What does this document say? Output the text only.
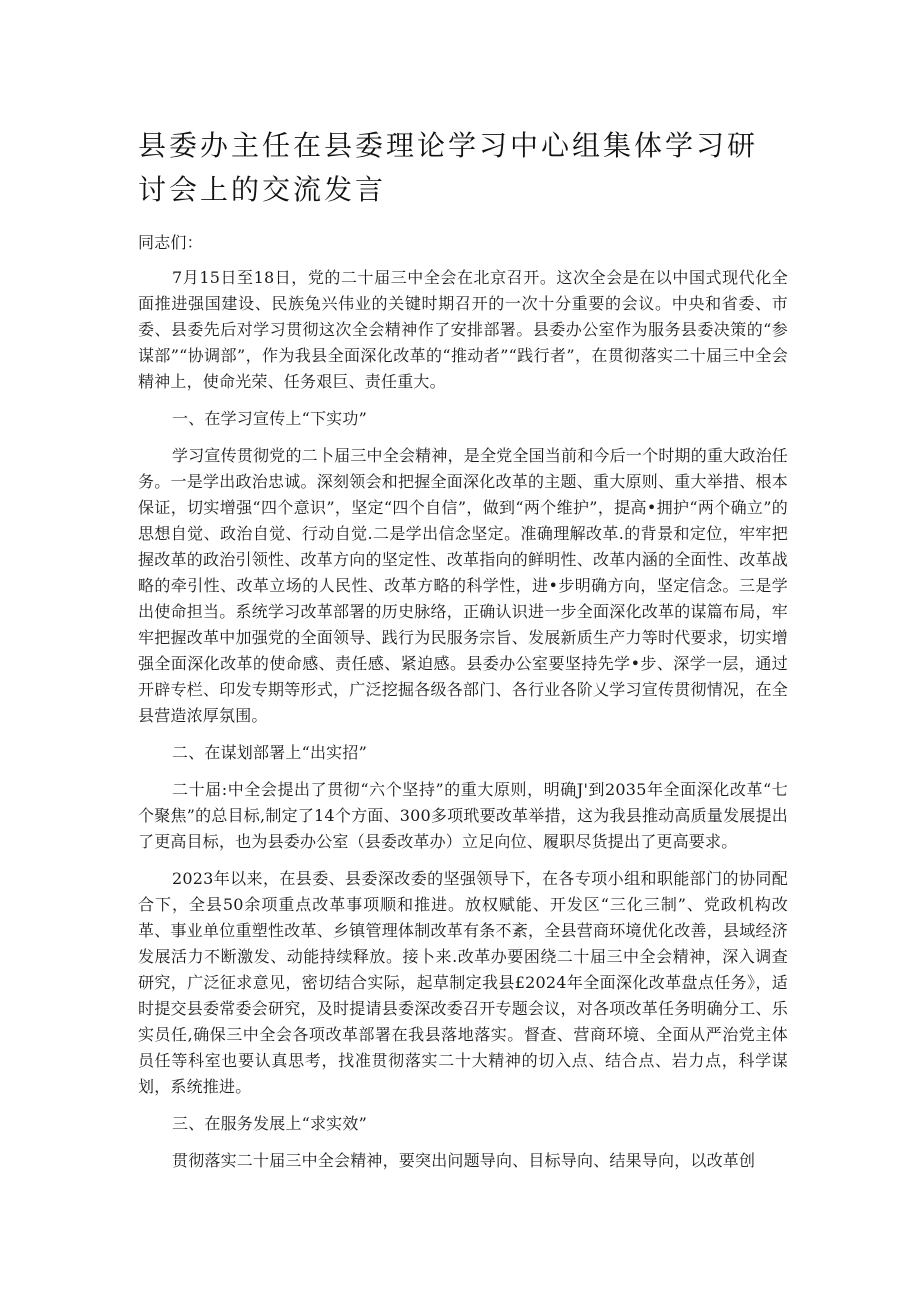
县委办主任在县委理论学习中心组集体学习研讨会上的交流发言

同志们：

7月15日至18日，党的二十届三中全会在北京召开。这次全会是在以中国式现代化全面推进强国建设、民族兔兴伟业的关键时期召开的一次十分重要的会议。中央和省委、市委、县委先后对学习贯彻这次全会精神作了安排部署。县委办公室作为服务县委决策的“参谋部”“协调部”，作为我县全面深化改革的“推动者”“践行者”，在贯彻落实二十届三中全会精神上，使命光荣、任务艰巨、责任重大。

一、在学习宣传上“下实功”

学习宣传贯彻党的二卜届三中全会精神，是全党全国当前和今后一个时期的重大政治任务。一是学出政治忠诚。深刻领会和把握全面深化改革的主题、重大原则、重大举措、根本保证，切实增强“四个意识”，坚定“四个自信”，做到“两个维护”，提高•拥护“两个确立”的思想自觉、政治自觉、行动自觉.二是学出信念坚定。准确理解改革.的背景和定位，牢牢把握改革的政治引领性、改革方向的坚定性、改革指向的鲜明性、改革内涵的全面性、改革战略的牵引性、改革立场的人民性、改革方略的科学性，进•步明确方向，坚定信念。三是学出使命担当。系统学习改革部署的历史脉络，正确认识进一步全面深化改革的谋篇布局，牢牢把握改革中加强党的全面领导、践行为民服务宗旨、发展新质生产力等时代要求，切实增强全面深化改革的使命感、责任感、紧迫感。县委办公室要坚持先学•步、深学一层，通过开辟专栏、印发专期等形式，广泛挖掘各级各部门、各行业各阶乂学习宣传贯彻情况，在全县营造浓厚氛围。

二、在谋划部署上“出实招”

二十届:中全会提出了贯彻“六个坚持”的重大原则，明确J'到2035年全面深化改革“七个聚焦”的总目标,制定了14个方面、300多项玳要改革举措，这为我县推动高质量发展提出了更高目标，也为县委办公室（县委改革办）立足向位、履职尽货提出了更高要求。

2023年以来，在县委、县委深改委的坚强领导下，在各专项小组和职能部门的协同配合下，全县50余项重点改革事项顺和推进。放权赋能、开发区“三化三制”、党政机构改革、事业单位重塑性改革、乡镇管理体制改革有条不紊，全县营商环境优化改善，县域经济发展活力不断激发、动能持续释放。接卜来.改革办要困绕二十届三中全会精神，深入调查研究，广泛征求意见，密切结合实际，起草制定我县£2024年全面深化改革盘点任务》，适时提交县委常委会研究，及时提请县委深改委召开专题会议，对各项改革任务明确分工、乐实员任,确保三中全会各项改革部署在我县落地落实。督查、营商环境、全面从严治党主体员任等科室也要认真思考，找准贯彻落实二十大精神的切入点、结合点、岩力点，科学谋划，系统推进。

三、在服务发展上“求实效”

贯彻落实二十届三中全会精神，要突出问题导向、目标导向、结果导向，以改革创
